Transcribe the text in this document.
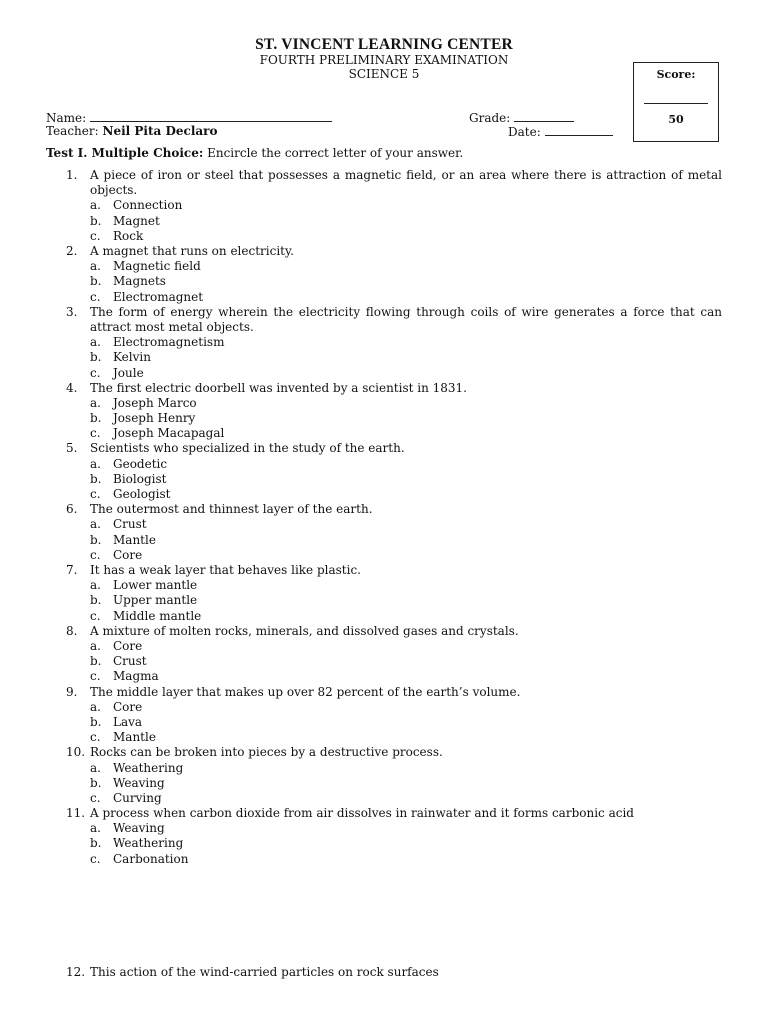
ST. VINCENT LEARNING CENTER
FOURTH PRELIMINARY EXAMINATION
SCIENCE 5	Score:
50
Name:	Grade:
Teacher: Neil Pita Declaro	Date:
Test I. Multiple Choice: Encircle the correct letter of your answer.
1. A piece of iron or steel that possesses a magnetic field, or an area where there is attraction of metal objects.
a. Connection
b. Magnet
c. Rock
2. A magnet that runs on electricity.
a. Magnetic field
b. Magnets
c. Electromagnet
3. The form of energy wherein the electricity flowing through coils of wire generates a force that can attract most metal objects.
a. Electromagnetism
b. Kelvin
c. Joule
4. The first electric doorbell was invented by a scientist in 1831.
a. Joseph Marco
b. Joseph Henry
c. Joseph Macapagal
5. Scientists who specialized in the study of the earth.
a. Geodetic
b. Biologist
c. Geologist
6. The outermost and thinnest layer of the earth.
a. Crust
b. Mantle
c. Core
7. It has a weak layer that behaves like plastic.
a. Lower mantle
b. Upper mantle
c. Middle mantle
8. A mixture of molten rocks, minerals, and dissolved gases and crystals.
a. Core
b. Crust
c. Magma
9. The middle layer that makes up over 82 percent of the earth’s volume.
a. Core
b. Lava
c. Mantle
10. Rocks can be broken into pieces by a destructive process.
a. Weathering
b. Weaving
c. Curving
11. A process when carbon dioxide from air dissolves in rainwater and it forms carbonic acid
a. Weaving
b. Weathering
c. Carbonation
12. This action of the wind-carried particles on rock surfaces
